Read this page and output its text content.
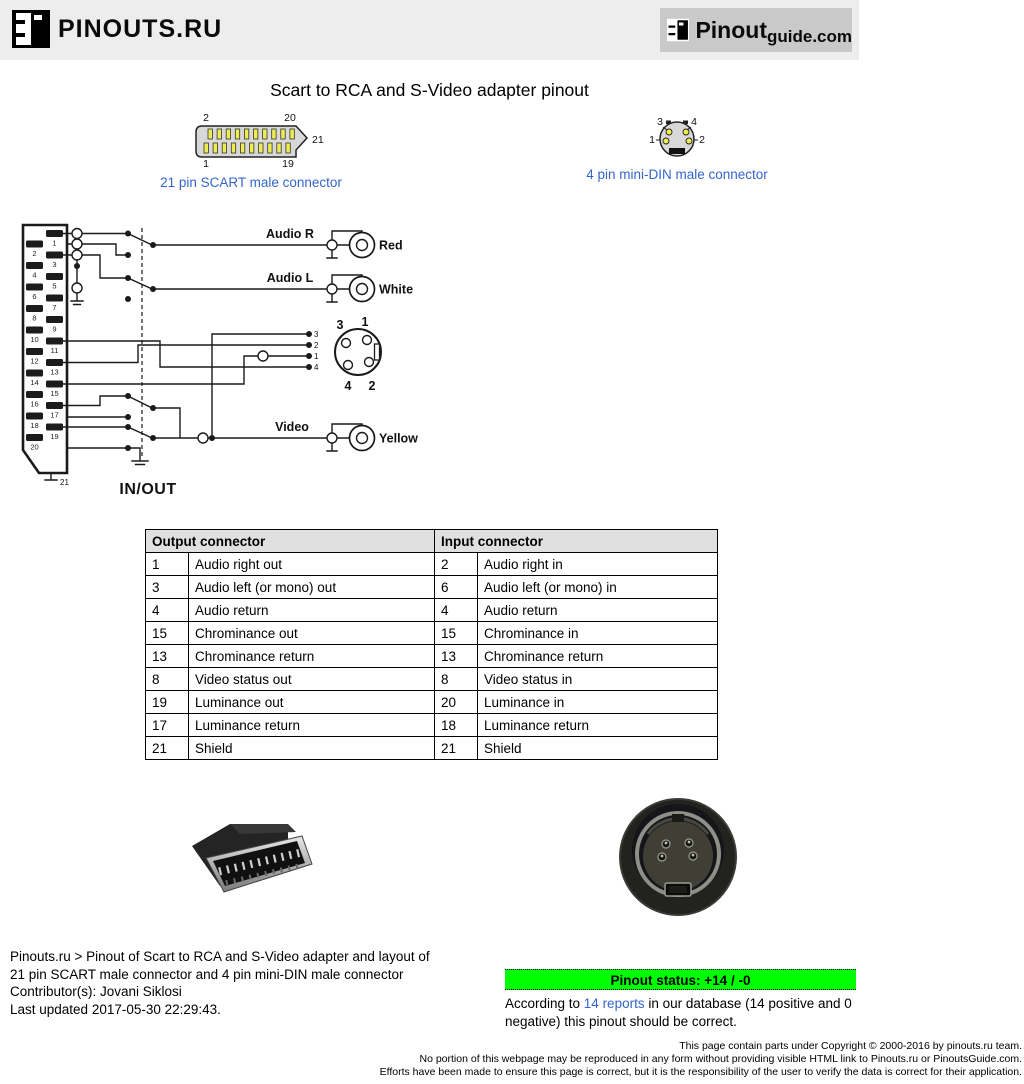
PINOUTS.RU	Pinout guide.com
Scart to RCA and S-Video adapter pinout
2	20
21
1	19
21 pin SCART male connector
3	4
1	2
4 pin mini-DIN male connector
1
3
5
7
9
11
13
15
17
19
2
4
6
8
10
12
14
16
18
20
21
Audio R
Audio L
Video
Red
White
Yellow
IN/OUT
3
2
1
4
3 1
4 2
Output connector		Input connector	
1	Audio right out	2	Audio right in
3	Audio left (or mono) out	6	Audio left (or mono) in
4	Audio return	4	Audio return
15	Chrominance out	15	Chrominance in
13	Chrominance return	13	Chrominance return
8	Video status out	8	Video status in
19	Luminance out	20	Luminance in
17	Luminance return	18	Luminance return
21	Shield	21	Shield
Pinouts.ru > Pinout of Scart to RCA and S-Video adapter and layout of
21 pin SCART male connector and 4 pin mini-DIN male connector
Contributor(s): Jovani Siklosi
Last updated 2017-05-30 22:29:43.
Pinout status: +14 / -0
According to 14 reports in our database (14 positive and 0 negative) this pinout should be correct.
This page contain parts under Copyright © 2000-2016 by pinouts.ru team.
No portion of this webpage may be reproduced in any form without providing visible HTML link to Pinouts.ru or PinoutsGuide.com.
Efforts have been made to ensure this page is correct, but it is the responsibility of the user to verify the data is correct for their application.
